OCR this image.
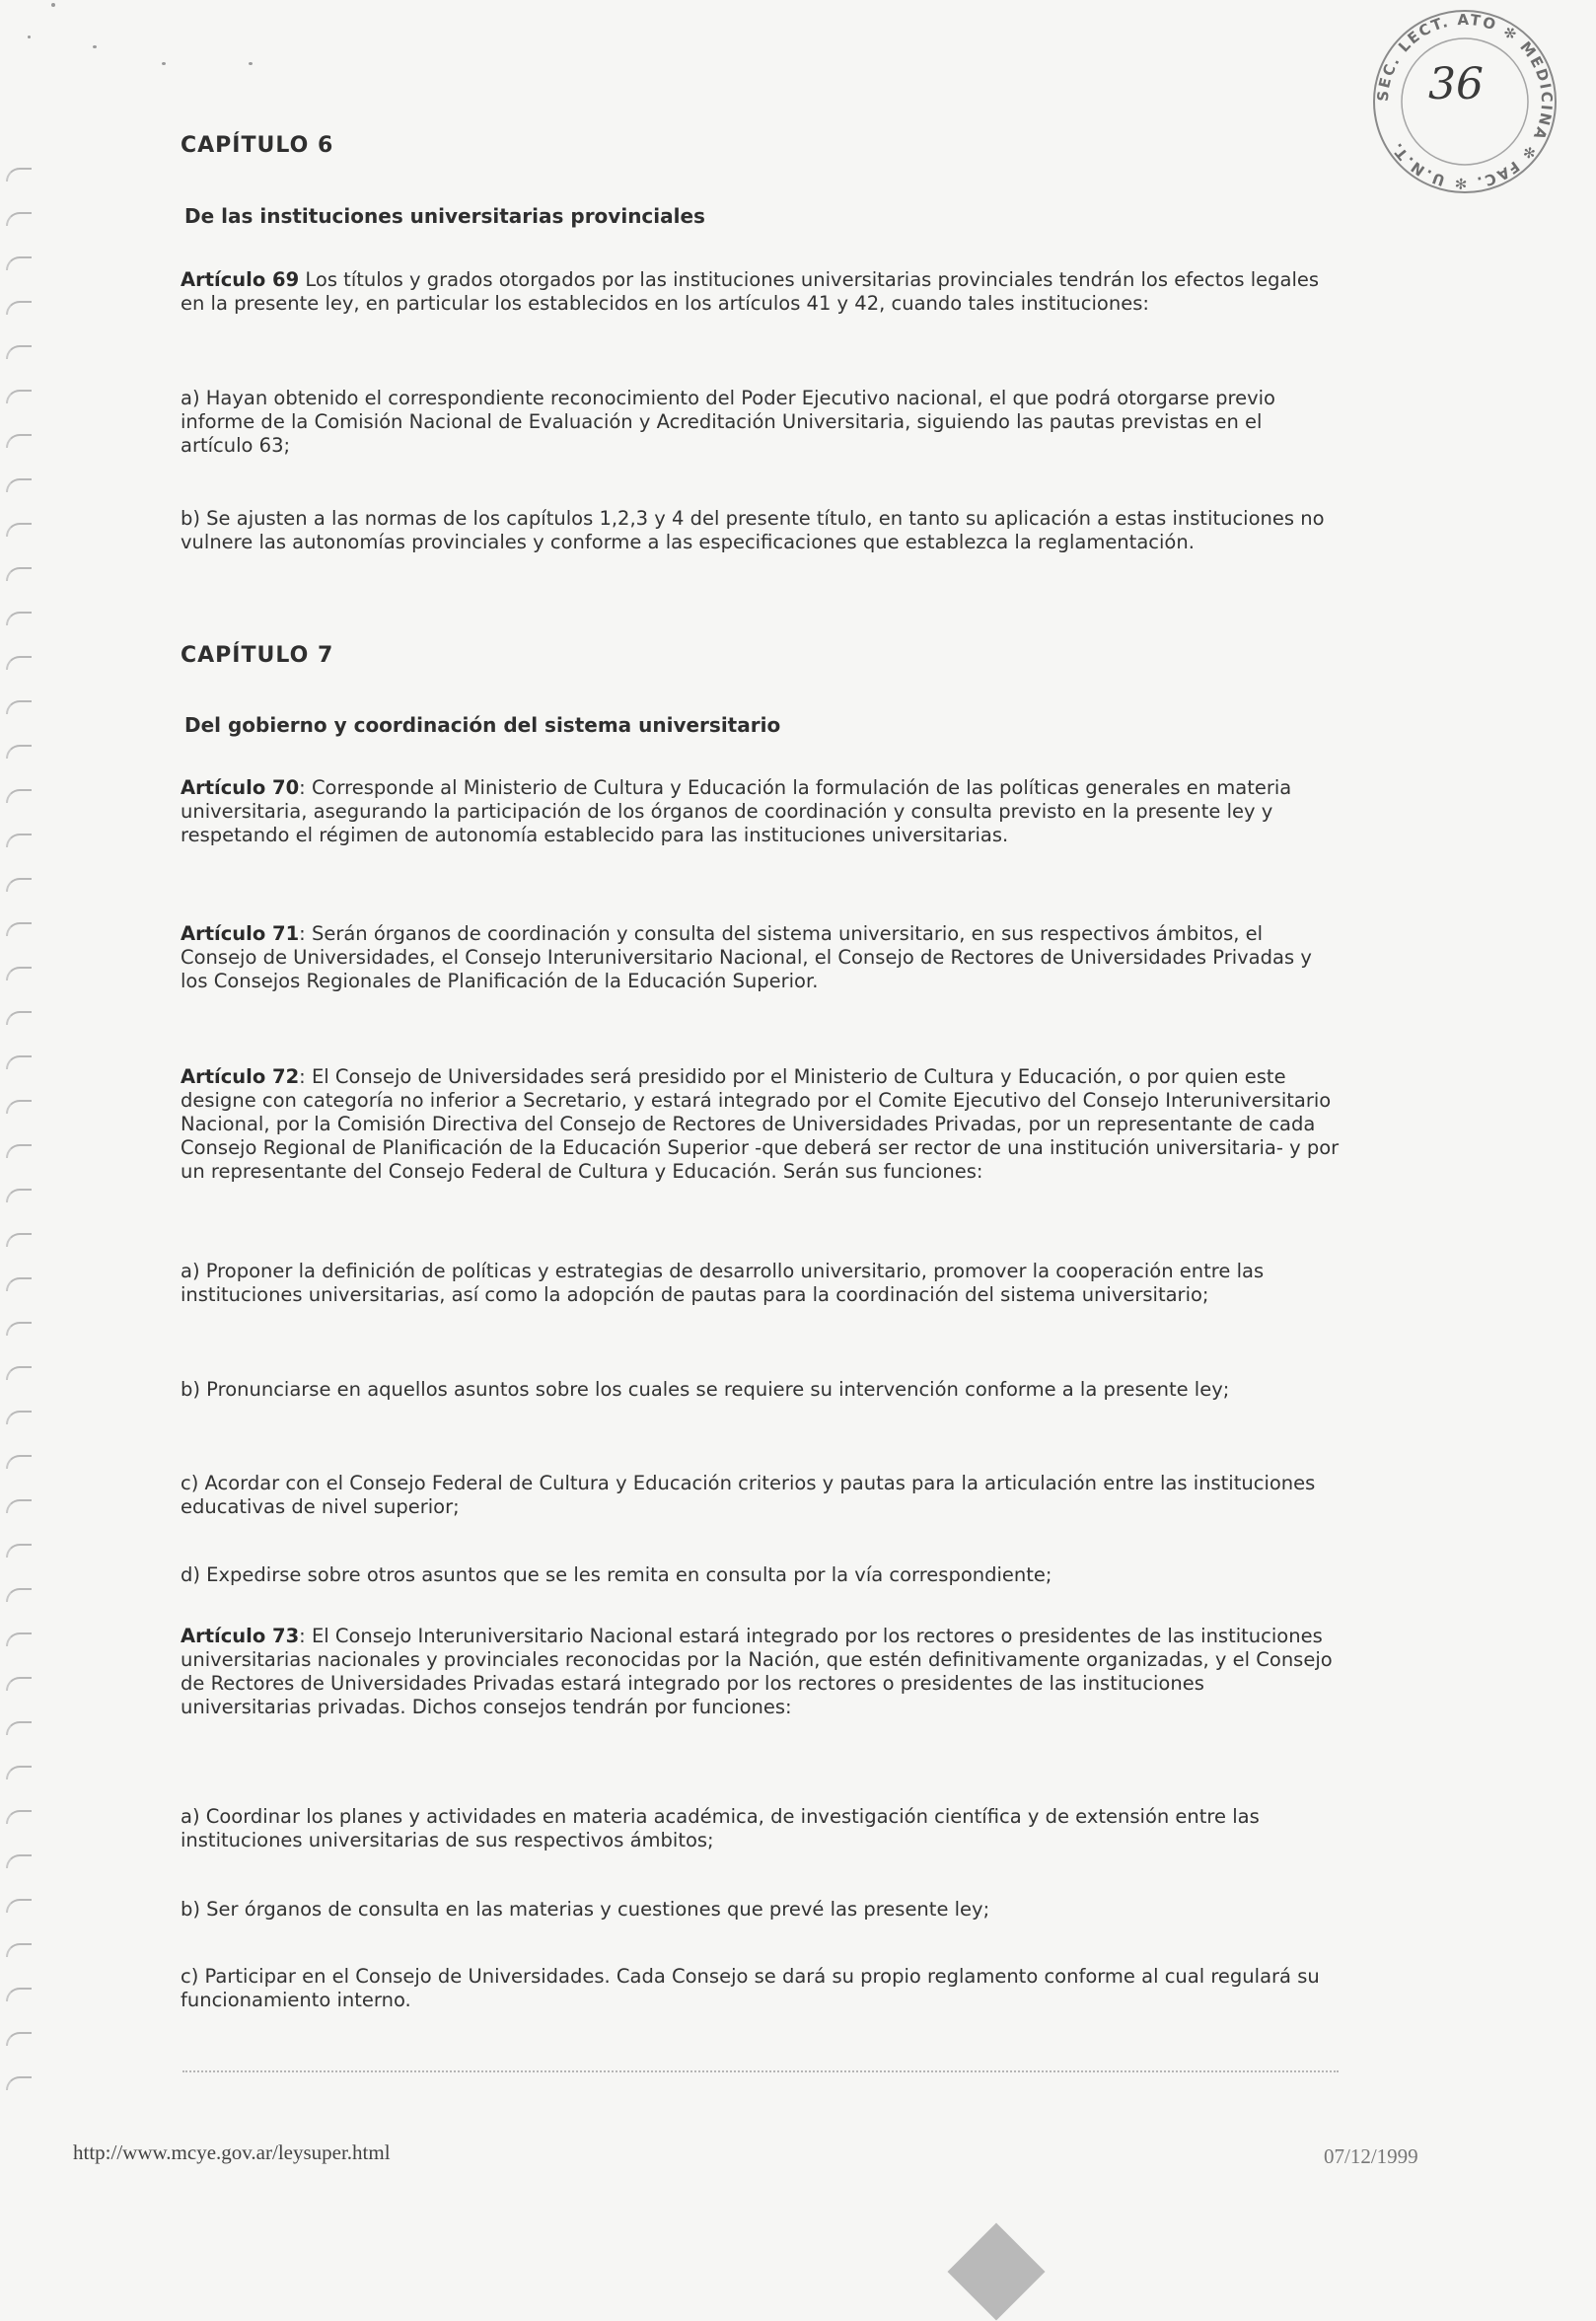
SEC. LECT. ATO ✻ MEDICINA ✻ FAC. ✻ U.N.T.
36
CAPÍTULO 6
De las instituciones universitarias provinciales
Artículo 69 Los títulos y grados otorgados por las instituciones universitarias provinciales tendrán los efectos legales en la presente ley, en particular los establecidos en los artículos 41 y 42, cuando tales instituciones:
a) Hayan obtenido el correspondiente reconocimiento del Poder Ejecutivo nacional, el que podrá otorgarse previo informe de la Comisión Nacional de Evaluación y Acreditación Universitaria, siguiendo las pautas previstas en el artículo 63;
b) Se ajusten a las normas de los capítulos 1,2,3 y 4 del presente título, en tanto su aplicación a estas instituciones no vulnere las autonomías provinciales y conforme a las especificaciones que establezca la reglamentación.
CAPÍTULO 7
Del gobierno y coordinación del sistema universitario
Artículo 70: Corresponde al Ministerio de Cultura y Educación la formulación de las políticas generales en materia universitaria, asegurando la participación de los órganos de coordinación y consulta previsto en la presente ley y respetando el régimen de autonomía establecido para las instituciones universitarias.
Artículo 71: Serán órganos de coordinación y consulta del sistema universitario, en sus respectivos ámbitos, el Consejo de Universidades, el Consejo Interuniversitario Nacional, el Consejo de Rectores de Universidades Privadas y los Consejos Regionales de Planificación de la Educación Superior.
Artículo 72: El Consejo de Universidades será presidido por el Ministerio de Cultura y Educación, o por quien este designe con categoría no inferior a Secretario, y estará integrado por el Comite Ejecutivo del Consejo Interuniversitario Nacional, por la Comisión Directiva del Consejo de Rectores de Universidades Privadas, por un representante de cada Consejo Regional de Planificación de la Educación Superior -que deberá ser rector de una institución universitaria- y por un representante del Consejo Federal de Cultura y Educación. Serán sus funciones:
a) Proponer la definición de políticas y estrategias de desarrollo universitario, promover la cooperación entre las instituciones universitarias, así como la adopción de pautas para la coordinación del sistema universitario;
b) Pronunciarse en aquellos asuntos sobre los cuales se requiere su intervención conforme a la presente ley;
c) Acordar con el Consejo Federal de Cultura y Educación criterios y pautas para la articulación entre las instituciones educativas de nivel superior;
d) Expedirse sobre otros asuntos que se les remita en consulta por la vía correspondiente;
Artículo 73: El Consejo Interuniversitario Nacional estará integrado por los rectores o presidentes de las instituciones universitarias nacionales y provinciales reconocidas por la Nación, que estén definitivamente organizadas, y el Consejo de Rectores de Universidades Privadas estará integrado por los rectores o presidentes de las instituciones universitarias privadas. Dichos consejos tendrán por funciones:
a) Coordinar los planes y actividades en materia académica, de investigación científica y de extensión entre las instituciones universitarias de sus respectivos ámbitos;
b) Ser órganos de consulta en las materias y cuestiones que prevé las presente ley;
c) Participar en el Consejo de Universidades. Cada Consejo se dará su propio reglamento conforme al cual regulará su funcionamiento interno.
http://www.mcye.gov.ar/leysuper.html	07/12/1999
